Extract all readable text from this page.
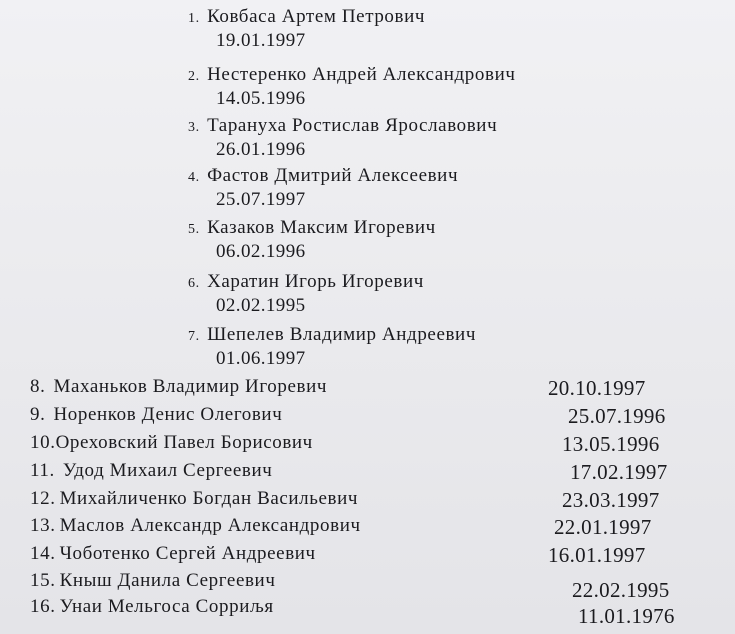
1. Ковбаса Артем Петрович
19.01.1997
2. Нестеренко Андрей Александрович
14.05.1996
3. Тарануха Ростислав Ярославович
26.01.1996
4. Фастов Дмитрий Алексеевич
25.07.1997
5. Казаков Максим Игоревич
06.02.1996
6. Харатин Игорь Игоревич
02.02.1995
7. Шепелев Владимир Андреевич
01.06.1997
8. Маханьков Владимир Игоревич	20.10.1997
9. Норенков Денис Олегович	25.07.1996
10.Ореховский Павел Борисович	13.05.1996
11. Удод Михаил Сергеевич	17.02.1997
12. Михайличенко Богдан Васильевич	23.03.1997
13. Маслов Александр Александрович	22.01.1997
14. Чоботенко Сергей Андреевич	16.01.1997
15. Кныш Данила Сергеевич	22.02.1995
16. Унаи Мельгоса Сорриљя	11.01.1976
